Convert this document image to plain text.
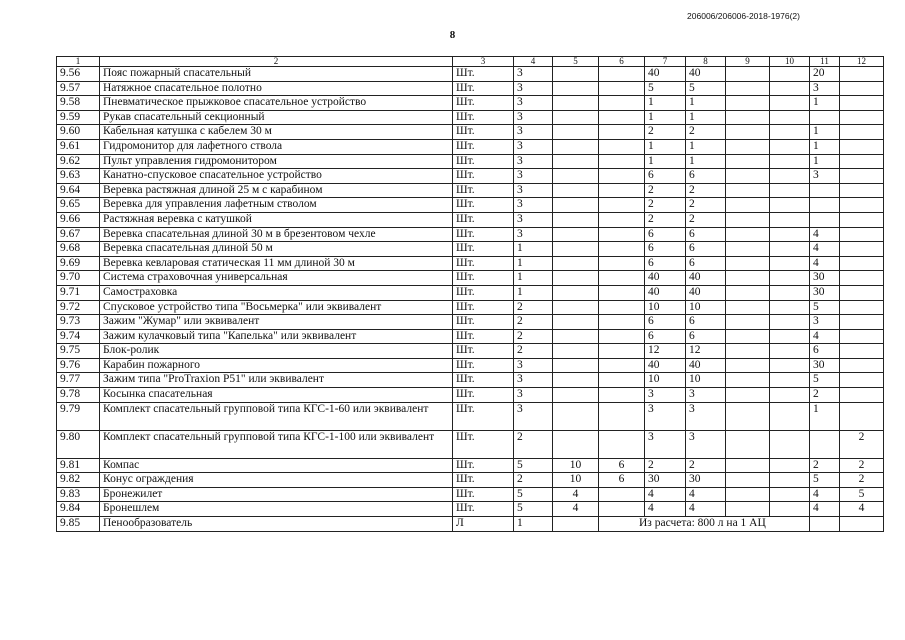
206006/206006-2018-1976(2)
8
1	2	3	4	5	6	7	8	9	10	11	12
9.56	Пояс пожарный спасательный	Шт.	3			40	40			20	
9.57	Натяжное спасательное полотно	Шт.	3			5	5			3	
9.58	Пневматическое прыжковое спасательное устройство	Шт.	3			1	1			1	
9.59	Рукав спасательный секционный	Шт.	3			1	1				
9.60	Кабельная катушка с кабелем 30 м	Шт.	3			2	2			1	
9.61	Гидромонитор для лафетного ствола	Шт.	3			1	1			1	
9.62	Пульт управления гидромонитором	Шт.	3			1	1			1	
9.63	Канатно-спусковое спасательное устройство	Шт.	3			6	6			3	
9.64	Веревка растяжная длиной 25 м с карабином	Шт.	3			2	2				
9.65	Веревка для управления лафетным стволом	Шт.	3			2	2				
9.66	Растяжная веревка с катушкой	Шт.	3			2	2				
9.67	Веревка спасательная длиной 30 м в брезентовом чехле	Шт.	3			6	6			4	
9.68	Веревка спасательная длиной 50 м	Шт.	1			6	6			4	
9.69	Веревка кевларовая статическая 11 мм длиной 30 м	Шт.	1			6	6			4	
9.70	Система страховочная универсальная	Шт.	1			40	40			30	
9.71	Самостраховка	Шт.	1			40	40			30	
9.72	Спусковое устройство типа "Восьмерка" или эквивалент	Шт.	2			10	10			5	
9.73	Зажим "Жумар" или эквивалент	Шт.	2			6	6			3	
9.74	Зажим кулачковый типа "Капелька" или эквивалент	Шт.	2			6	6			4	
9.75	Блок-ролик	Шт.	2			12	12			6	
9.76	Карабин пожарного	Шт.	3			40	40			30	
9.77	Зажим типа "ProTraxion P51" или эквивалент	Шт.	3			10	10			5	
9.78	Косынка спасательная	Шт.	3			3	3			2	
9.79	Комплект спасательный групповой типа КГС-1-60 или эквивалент	Шт.	3			3	3			1	
9.80	Комплект спасательный групповой типа КГС-1-100 или эквивалент	Шт.	2			3	3				2
9.81	Компас	Шт.	5	10	6	2	2			2	2
9.82	Конус ограждения	Шт.	2	10	6	30	30			5	2
9.83	Бронежилет	Шт.	5	4		4	4			4	5
9.84	Бронешлем	Шт.	5	4		4	4			4	4
9.85	Пенообразователь	Л	1		Из расчета: 800 л на 1 АЦ						
